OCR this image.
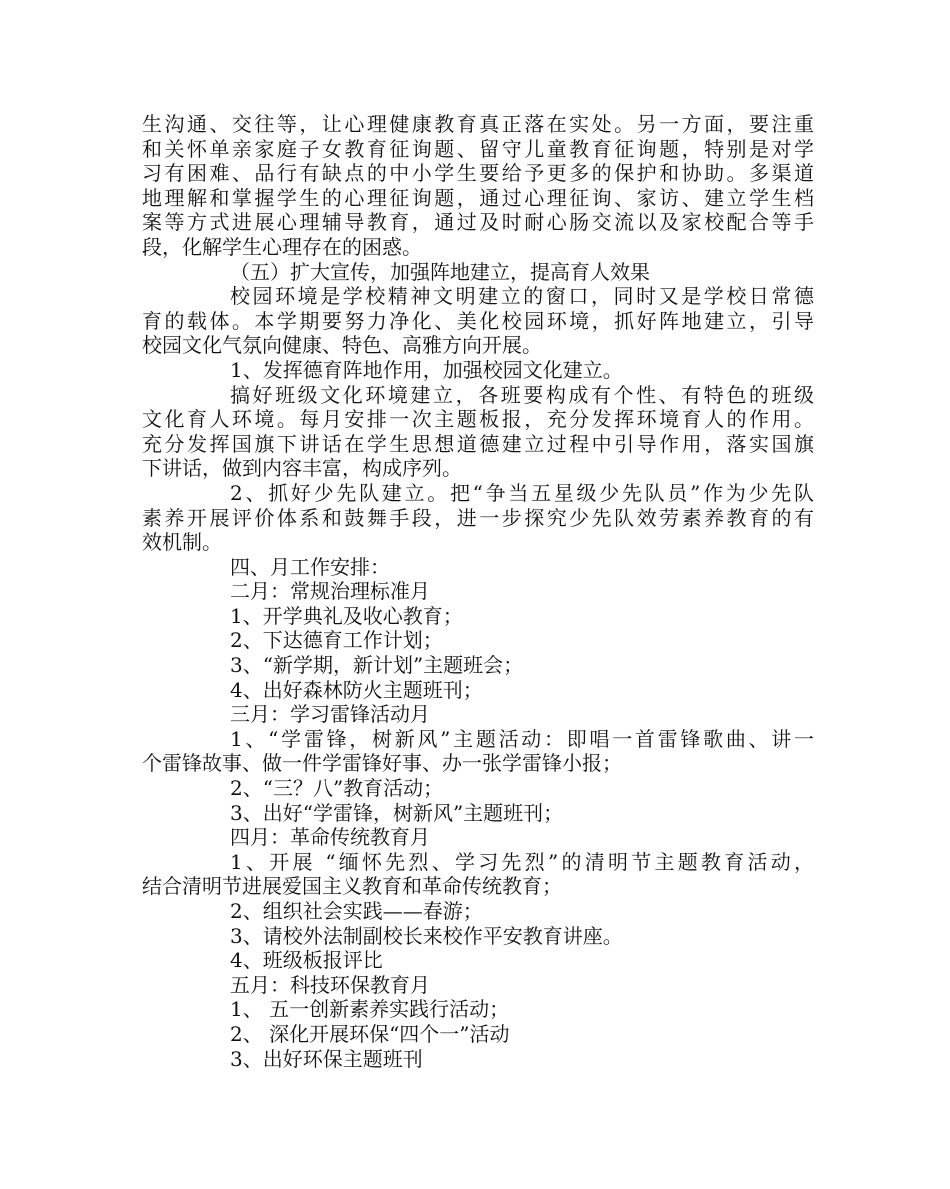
生沟通、交往等，让心理健康教育真正落在实处。另一方面，要注重
和关怀单亲家庭子女教育征询题、留守儿童教育征询题，特别是对学
习有困难、品行有缺点的中小学生要给予更多的保护和协助。多渠道
地理解和掌握学生的心理征询题，通过心理征询、家访、建立学生档
案等方式进展心理辅导教育，通过及时耐心肠交流以及家校配合等手
段，化解学生心理存在的困惑。
（五）扩大宣传，加强阵地建立，提高育人效果
校园环境是学校精神文明建立的窗口，同时又是学校日常德
育的载体。本学期要努力净化、美化校园环境，抓好阵地建立，引导
校园文化气氛向健康、特色、高雅方向开展。
1、发挥德育阵地作用，加强校园文化建立。
搞好班级文化环境建立，各班要构成有个性、有特色的班级
文化育人环境。每月安排一次主题板报，充分发挥环境育人的作用。
充分发挥国旗下讲话在学生思想道德建立过程中引导作用，落实国旗
下讲话，做到内容丰富，构成序列。
2、抓好少先队建立。把“争当五星级少先队员”作为少先队
素养开展评价体系和鼓舞手段，进一步探究少先队效劳素养教育的有
效机制。
四、月工作安排：
二月：常规治理标准月
1、开学典礼及收心教育；
2、下达德育工作计划；
3、“新学期，新计划”主题班会；
4、出好森林防火主题班刊；
三月：学习雷锋活动月
1、“学雷锋，树新风”主题活动：即唱一首雷锋歌曲、讲一
个雷锋故事、做一件学雷锋好事、办一张学雷锋小报；
2、“三？八”教育活动；
3、出好“学雷锋，树新风”主题班刊；
四月：革命传统教育月
1、开展 “缅怀先烈、学习先烈”的清明节主题教育活动，
结合清明节进展爱国主义教育和革命传统教育；
2、组织社会实践——春游；
3、请校外法制副校长来校作平安教育讲座。
4、班级板报评比
五月：科技环保教育月
1、 五一创新素养实践行活动；
2、 深化开展环保“四个一”活动
3、出好环保主题班刊
